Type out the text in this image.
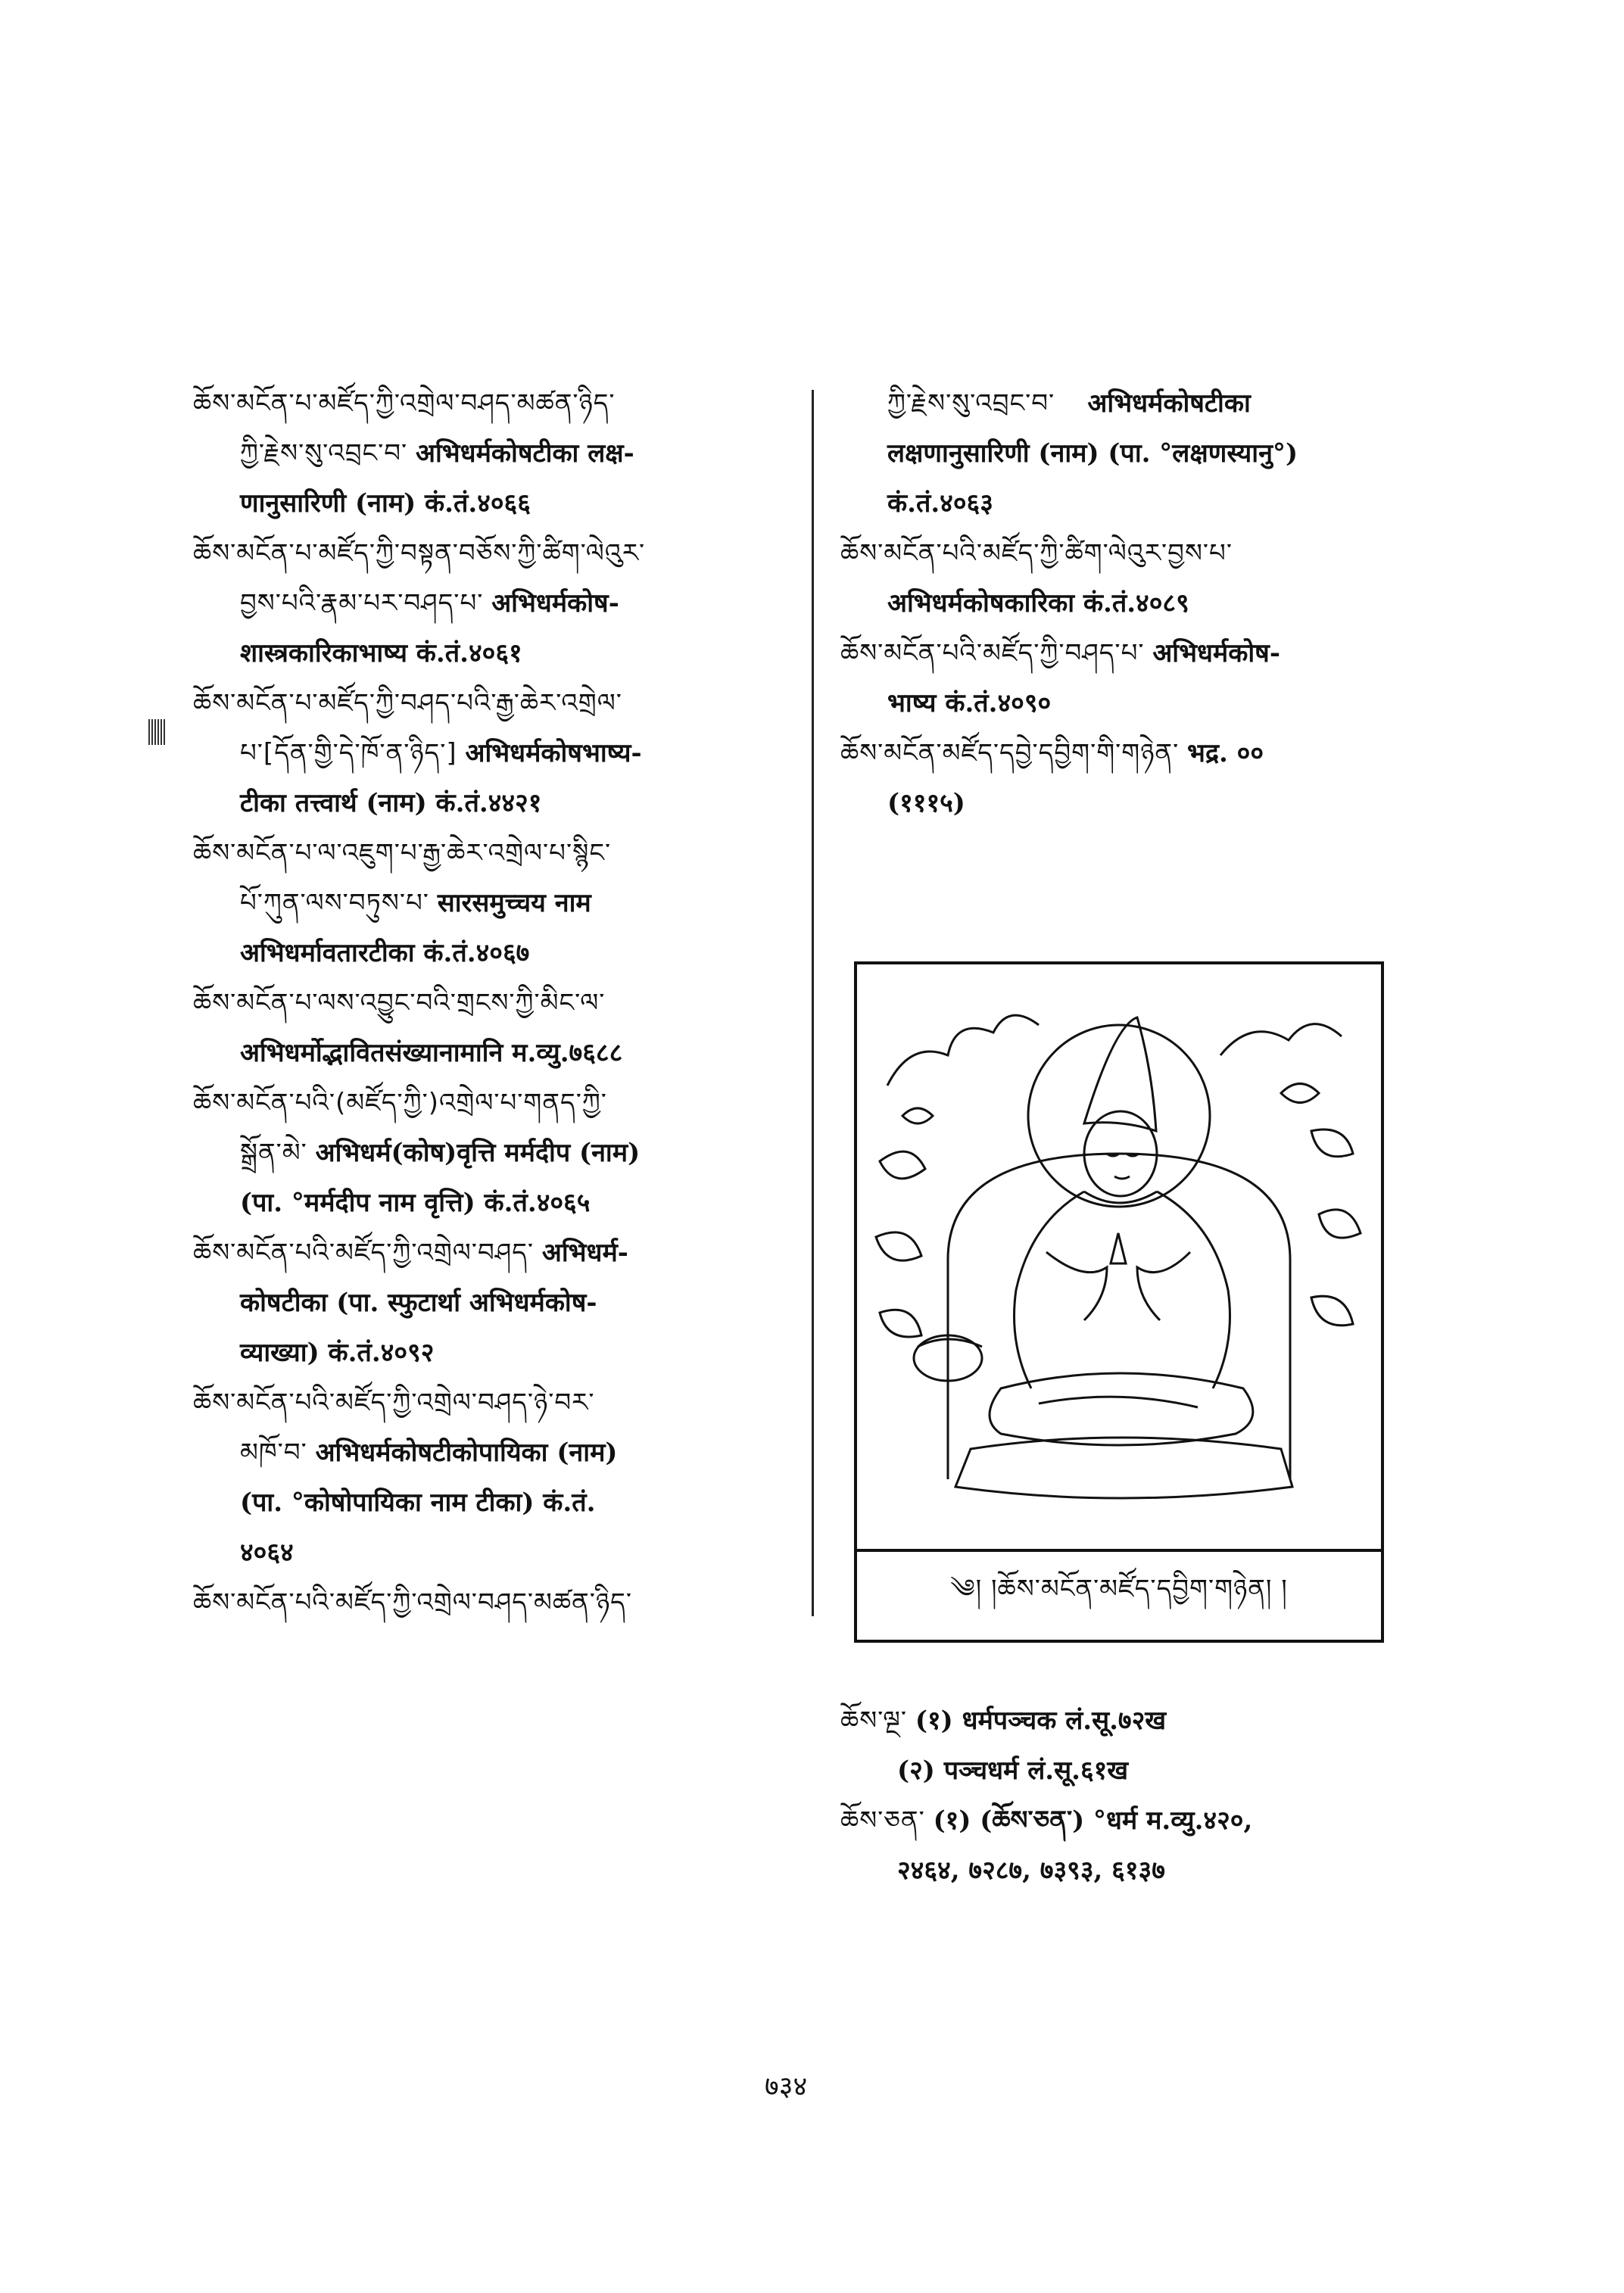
ཆོས་མངོན་པ་མཛོད་ཀྱི་འགྲེལ་བཤད་མཚན་ཉིད་
ཀྱི་རྗེས་སུ་འབྲང་བ་ अभिधर्मकोषटीका लक्ष-
णानुसारिणी (नाम) कं.तं.४०६६

ཆོས་མངོན་པ་མཛོད་ཀྱི་བསྟན་བཅོས་ཀྱི་ཚིག་ལེའུར་
བྱས་པའི་རྣམ་པར་བཤད་པ་ अभिधर्मकोष-
शास्त्रकारिकाभाष्य कं.तं.४०६१

ཆོས་མངོན་པ་མཛོད་ཀྱི་བཤད་པའི་རྒྱ་ཆེར་འགྲེལ་
པ་[དོན་གྱི་དེ་ཁོ་ན་ཉིད་] अभिधर्मकोषभाष्य-
टीका तत्त्वार्थ (नाम) कं.तं.४४२१

ཆོས་མངོན་པ་ལ་འཇུག་པ་རྒྱ་ཆེར་འགྲེལ་པ་སྙིང་
པོ་ཀུན་ལས་བཏུས་པ་ सारसमुच्चय नाम
अभिधर्मावतारटीका कं.तं.४०६७

ཆོས་མངོན་པ་ལས་འབྱུང་བའི་གྲངས་ཀྱི་མིང་ལ་
अभिधर्मोद्भावितसंख्यानामानि म.व्यु.७६८८

ཆོས་མངོན་པའི་(མཛོད་ཀྱི་)འགྲེལ་པ་གནད་ཀྱི་
སྒྲོན་མེ་ अभिधर्म(कोष)वृत्ति मर्मदीप (नाम)
(पा. °मर्मदीप नाम वृत्ति) कं.तं.४०६५

ཆོས་མངོན་པའི་མཛོད་ཀྱི་འགྲེལ་བཤད་ अभिधर्म-
कोषटीका (पा. स्फुटार्था अभिधर्मकोष-
व्याख्या) कं.तं.४०९२

ཆོས་མངོན་པའི་མཛོད་ཀྱི་འགྲེལ་བཤད་ཉེ་བར་
མཁོ་བ་ अभिधर्मकोषटीकोपायिका (नाम)
(पा. °कोषोपायिका नाम टीका) कं.तं.
४०६४

ཆོས་མངོན་པའི་མཛོད་ཀྱི་འགྲེལ་བཤད་མཚན་ཉིད་

ཀྱི་རྗེས་སུ་འབྲང་བ་ अभिधर्मकोषटीका
लक्षणानुसारिणी (नाम) (पा. °लक्षणस्यानु°)
कं.तं.४०६३

ཆོས་མངོན་པའི་མཛོད་ཀྱི་ཚིག་ལེའུར་བྱས་པ་
अभिधर्मकोषकारिका कं.तं.४०८९

ཆོས་མངོན་པའི་མཛོད་ཀྱི་བཤད་པ་ अभिधर्मकोष-
भाष्य कं.तं.४०९०

ཆོས་མངོན་མཛོད་དབྱེ་དབྱིག་གི་གཉེན་ भद्र. ००
(१११५)

༄། །ཆོས་མངོན་མཛོད་དབྱིག་གཉེན། །

ཆོས་ལྔ་ (१) धर्मपञ्चक लं.सू.७२ख
(२) पञ्चधर्म लं.सू.६१ख

ཆོས་ཅན་ (१) (ཆོས་ཅན་) °धर्म म.व्यु.४२०,
२४६४, ७२८७, ७३९३, ६१३७

७३४
